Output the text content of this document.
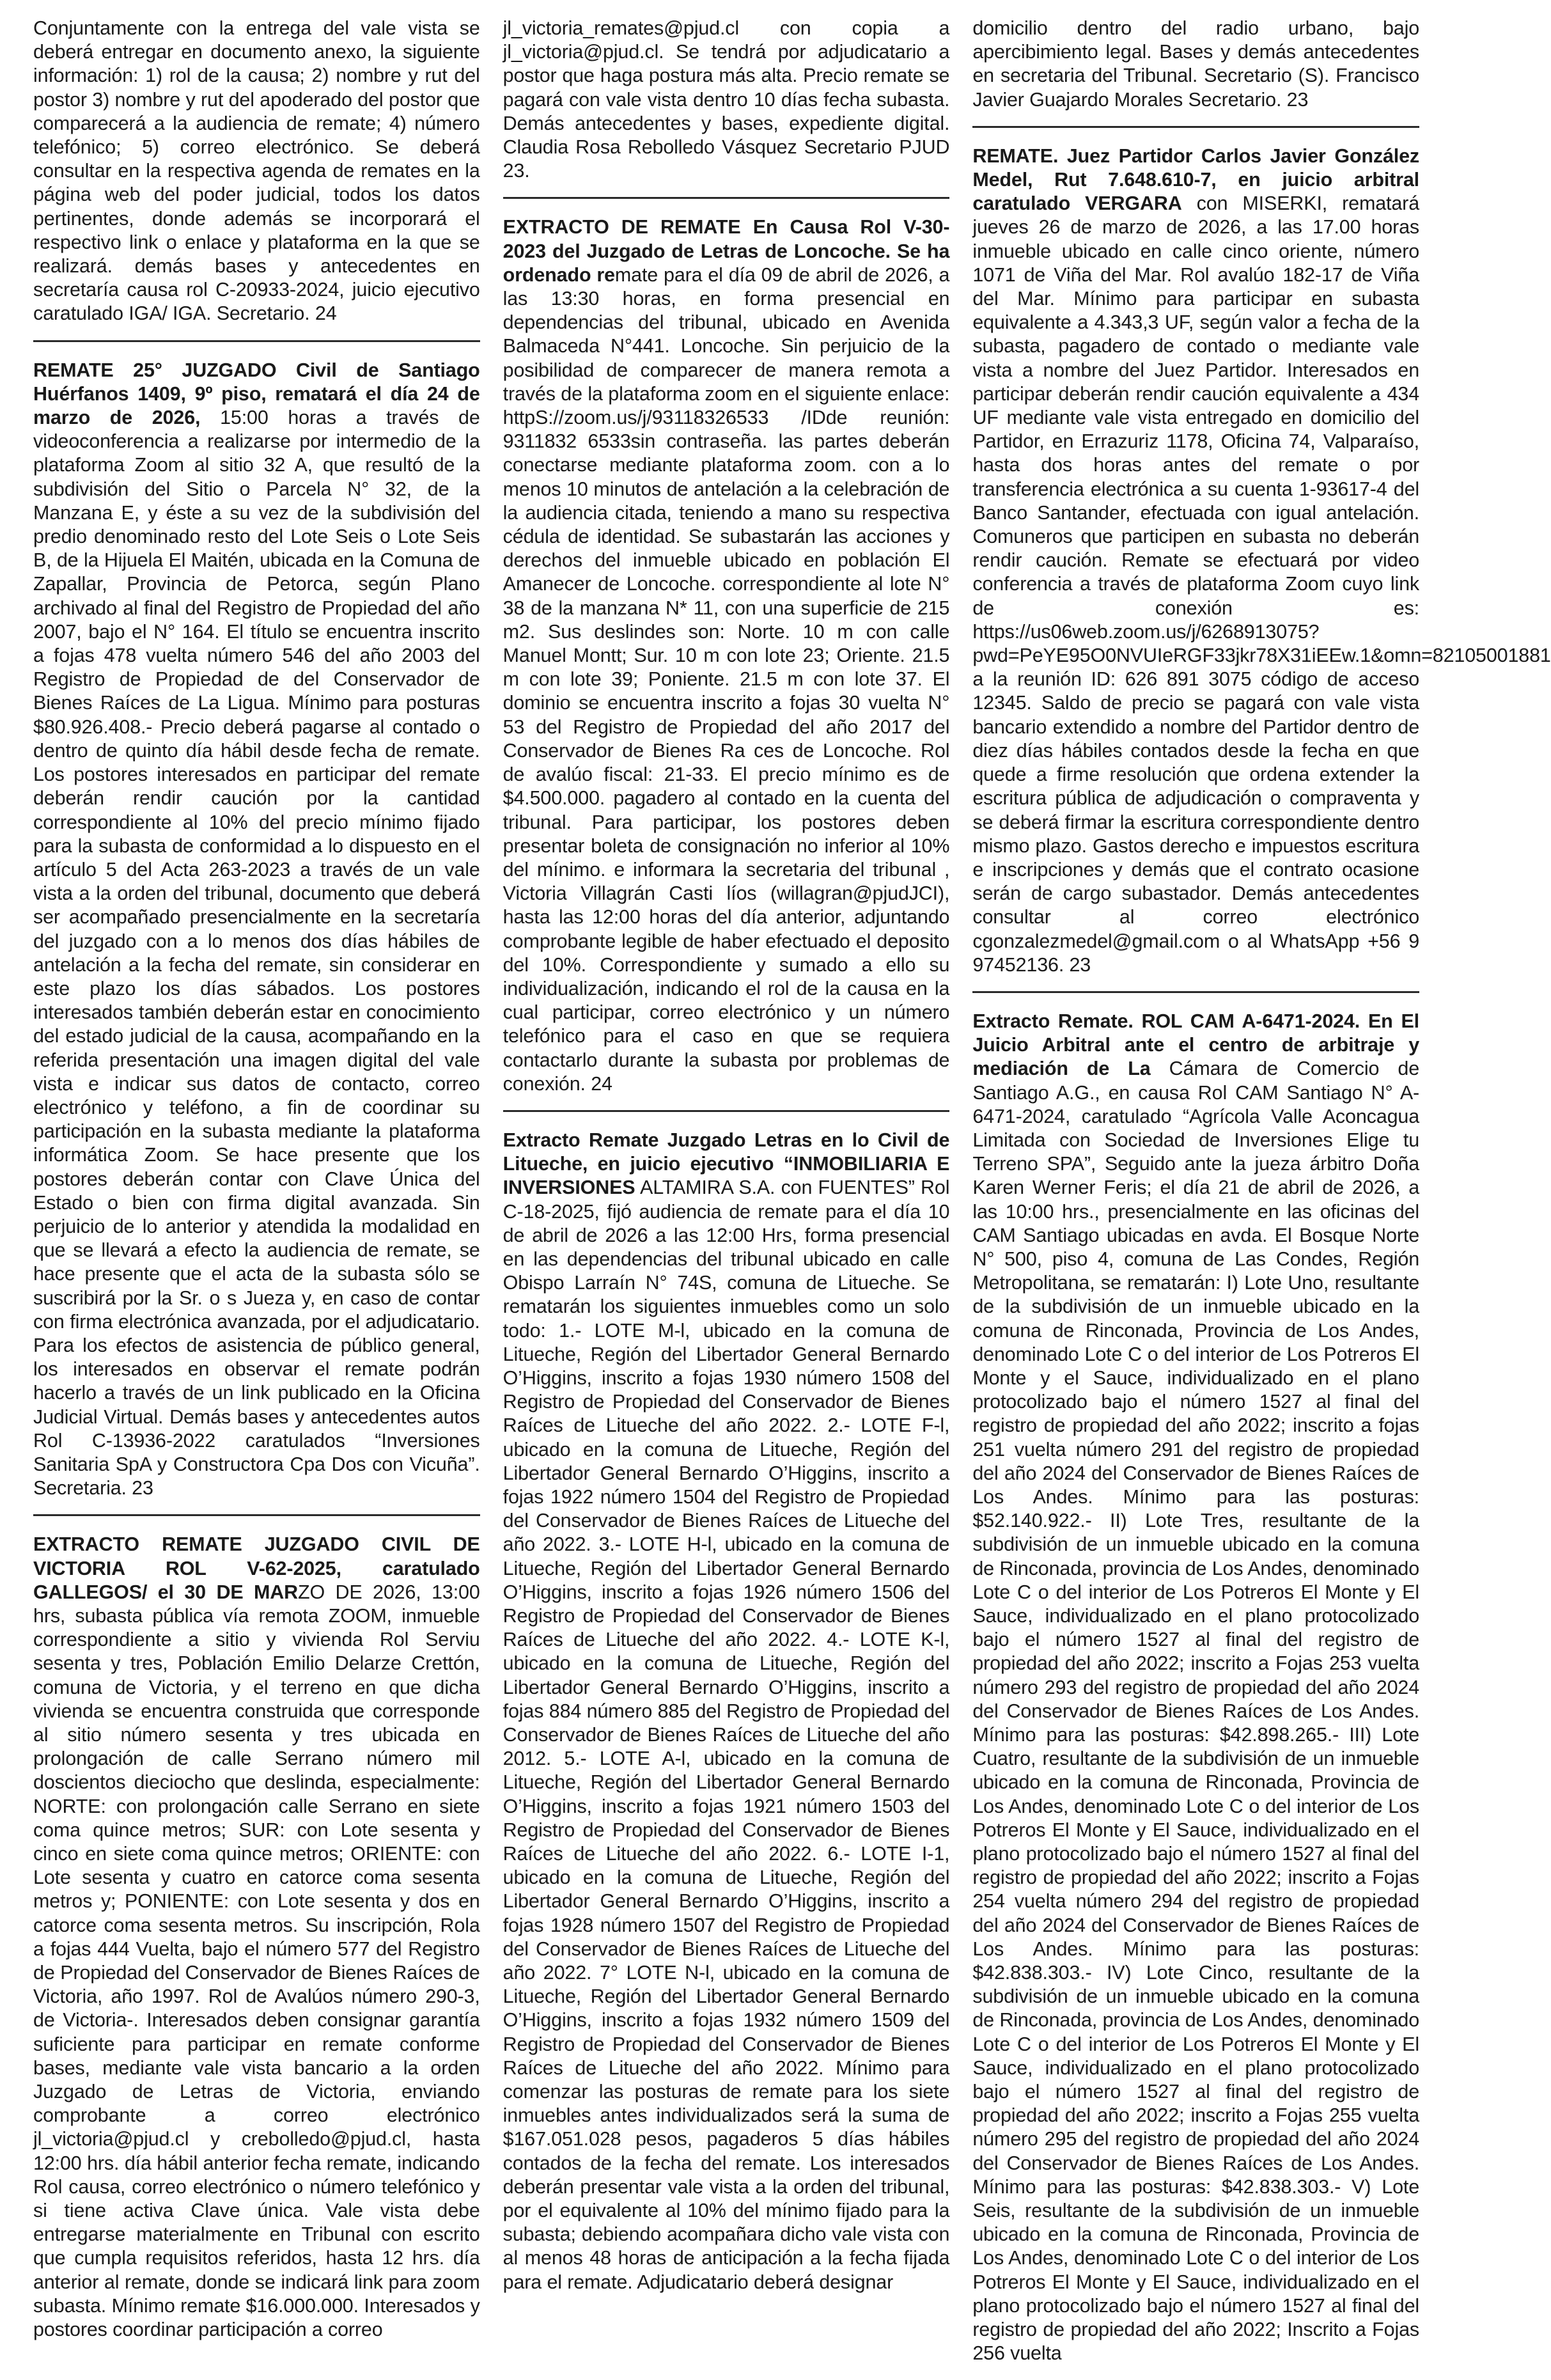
Conjuntamente con la entrega del vale vista se deberá entregar en documento anexo, la siguiente información: 1) rol de la causa; 2) nombre y rut del postor 3) nombre y rut del apoderado del postor que comparecerá a la audiencia de remate; 4) número telefónico; 5) correo electrónico. Se deberá consultar en la respectiva agenda de remates en la página web del poder judicial, todos los datos pertinentes, donde además se incorporará el respectivo link o enlace y plataforma en la que se realizará. demás bases y antecedentes en secretaría causa rol C-20933-2024, juicio ejecutivo caratulado IGA/ IGA. Secretario. 24
REMATE 25° JUZGADO Civil de Santiago Huérfanos 1409, 9º piso, rematará el día 24 de marzo de 2026, 15:00 horas a través de videoconferencia a realizarse por intermedio de la plataforma Zoom al sitio 32 A, que resultó de la subdivisión del Sitio o Parcela N° 32, de la Manzana E, y éste a su vez de la subdivisión del predio denominado resto del Lote Seis o Lote Seis B, de la Hijuela El Maitén, ubicada en la Comuna de Zapallar, Provincia de Petorca, según Plano archivado al final del Registro de Propiedad del año 2007, bajo el N° 164. El título se encuentra inscrito a fojas 478 vuelta número 546 del año 2003 del Registro de Propiedad de del Conservador de Bienes Raíces de La Ligua. Mínimo para posturas $80.926.408.- Precio deberá pagarse al contado o dentro de quinto día hábil desde fecha de remate. Los postores interesados en participar del remate deberán rendir caución por la cantidad correspondiente al 10% del precio mínimo fijado para la subasta de conformidad a lo dispuesto en el artículo 5 del Acta 263-2023 a través de un vale vista a la orden del tribunal, documento que deberá ser acompañado presencialmente en la secretaría del juzgado con a lo menos dos días hábiles de antelación a la fecha del remate, sin considerar en este plazo los días sábados. Los postores interesados también deberán estar en conocimiento del estado judicial de la causa, acompañando en la referida presentación una imagen digital del vale vista e indicar sus datos de contacto, correo electrónico y teléfono, a fin de coordinar su participación en la subasta mediante la plataforma informática Zoom. Se hace presente que los postores deberán contar con Clave Única del Estado o bien con firma digital avanzada. Sin perjuicio de lo anterior y atendida la modalidad en que se llevará a efecto la audiencia de remate, se hace presente que el acta de la subasta sólo se suscribirá por la Sr. o s Jueza y, en caso de contar con firma electrónica avanzada, por el adjudicatario. Para los efectos de asistencia de público general, los interesados en observar el remate podrán hacerlo a través de un link publicado en la Oficina Judicial Virtual. Demás bases y antecedentes autos Rol C-13936-2022 caratulados “Inversiones Sanitaria SpA y Constructora Cpa Dos con Vicuña”. Secretaria. 23
EXTRACTO REMATE JUZGADO CIVIL DE VICTORIA ROL V-62-2025, caratulado GALLEGOS/ el 30 DE MARZO DE 2026, 13:00 hrs, subasta pública vía remota ZOOM, inmueble correspondiente a sitio y vivienda Rol Serviu sesenta y tres, Población Emilio Delarze Crettón, comuna de Victoria, y el terreno en que dicha vivienda se encuentra construida que corresponde al sitio número sesenta y tres ubicada en prolongación de calle Serrano número mil doscientos dieciocho que deslinda, especialmente: NORTE: con prolongación calle Serrano en siete coma quince metros; SUR: con Lote sesenta y cinco en siete coma quince metros; ORIENTE: con Lote sesenta y cuatro en catorce coma sesenta metros y; PONIENTE: con Lote sesenta y dos en catorce coma sesenta metros. Su inscripción, Rola a fojas 444 Vuelta, bajo el número 577 del Registro de Propiedad del Conservador de Bienes Raíces de Victoria, año 1997. Rol de Avalúos número 290-3, de Victoria-. Interesados deben consignar garantía suficiente para participar en remate conforme bases, mediante vale vista bancario a la orden Juzgado de Letras de Victoria, enviando comprobante a correo electrónico jl_victoria@pjud.cl y crebolledo@pjud.cl, hasta 12:00 hrs. día hábil anterior fecha remate, indicando Rol causa, correo electrónico o número telefónico y si tiene activa Clave única. Vale vista debe entregarse materialmente en Tribunal con escrito que cumpla requisitos referidos, hasta 12 hrs. día anterior al remate, donde se indicará link para zoom subasta. Mínimo remate $16.000.000. Interesados y postores coordinar participación a correo
jl_victoria_remates@pjud.cl con copia a jl_victoria@pjud.cl. Se tendrá por adjudicatario a postor que haga postura más alta. Precio remate se pagará con vale vista dentro 10 días fecha subasta. Demás antecedentes y bases, expediente digital. Claudia Rosa Rebolledo Vásquez Secretario PJUD 23.
EXTRACTO DE REMATE En Causa Rol V-30-2023 del Juzgado de Letras de Loncoche. Se ha ordenado remate para el día 09 de abril de 2026, a las 13:30 horas, en forma presencial en dependencias del tribunal, ubicado en Avenida Balmaceda N°441. Loncoche. Sin perjuicio de la posibilidad de comparecer de manera remota a través de la plataforma zoom en el siguiente enlace: httpS://zoom.us/j/93118326533 /IDde reunión: 9311832 6533sin contraseña. las partes deberán conectarse mediante plataforma zoom. con a lo menos 10 minutos de antelación a la celebración de la audiencia citada, teniendo a mano su respectiva cédula de identidad. Se subastarán las acciones y derechos del inmueble ubicado en población El Amanecer de Loncoche. correspondiente al lote N° 38 de la manzana N* 11, con una superficie de 215 m2. Sus deslindes son: Norte. 10 m con calle Manuel Montt; Sur. 10 m con lote 23; Oriente. 21.5 m con lote 39; Poniente. 21.5 m con lote 37. El dominio se encuentra inscrito a fojas 30 vuelta N° 53 del Registro de Propiedad del año 2017 del Conservador de Bienes Ra ces de Loncoche. Rol de avalúo fiscal: 21-33. El precio mínimo es de $4.500.000. pagadero al contado en la cuenta del tribunal. Para participar, los postores deben presentar boleta de consignación no inferior al 10% del mínimo. e informara la secretaria del tribunal , Victoria Villagrán Casti líos (willagran@pjudJCI), hasta las 12:00 horas del día anterior, adjuntando comprobante legible de haber efectuado el deposito del 10%. Correspondiente y sumado a ello su individualización, indicando el rol de la causa en la cual participar, correo electrónico y un número telefónico para el caso en que se requiera contactarlo durante la subasta por problemas de conexión. 24
Extracto Remate Juzgado Letras en lo Civil de Litueche, en juicio ejecutivo “INMOBILIARIA E INVERSIONES ALTAMIRA S.A. con FUENTES” Rol C-18-2025, fijó audiencia de remate para el día 10 de abril de 2026 a las 12:00 Hrs, forma presencial en las dependencias del tribunal ubicado en calle Obispo Larraín N° 74S, comuna de Litueche. Se rematarán los siguientes inmuebles como un solo todo: 1.- LOTE M-l, ubicado en la comuna de Litueche, Región del Libertador General Bernardo O’Higgins, inscrito a fojas 1930 número 1508 del Registro de Propiedad del Conservador de Bienes Raíces de Litueche del año 2022. 2.- LOTE F-l, ubicado en la comuna de Litueche, Región del Libertador General Bernardo O’Higgins, inscrito a fojas 1922 número 1504 del Registro de Propiedad del Conservador de Bienes Raíces de Litueche del año 2022. 3.- LOTE H-l, ubicado en la comuna de Litueche, Región del Libertador General Bernardo O’Higgins, inscrito a fojas 1926 número 1506 del Registro de Propiedad del Conservador de Bienes Raíces de Litueche del año 2022. 4.- LOTE K-l, ubicado en la comuna de Litueche, Región del Libertador General Bernardo O’Higgins, inscrito a fojas 884 número 885 del Registro de Propiedad del Conservador de Bienes Raíces de Litueche del año 2012. 5.- LOTE A-l, ubicado en la comuna de Litueche, Región del Libertador General Bernardo O’Higgins, inscrito a fojas 1921 número 1503 del Registro de Propiedad del Conservador de Bienes Raíces de Litueche del año 2022. 6.- LOTE I-1, ubicado en la comuna de Litueche, Región del Libertador General Bernardo O’Higgins, inscrito a fojas 1928 número 1507 del Registro de Propiedad del Conservador de Bienes Raíces de Litueche del año 2022. 7° LOTE N-l, ubicado en la comuna de Litueche, Región del Libertador General Bernardo O’Higgins, inscrito a fojas 1932 número 1509 del Registro de Propiedad del Conservador de Bienes Raíces de Litueche del año 2022. Mínimo para comenzar las posturas de remate para los siete inmuebles antes individualizados será la suma de $167.051.028 pesos, pagaderos 5 días hábiles contados de la fecha del remate. Los interesados deberán presentar vale vista a la orden del tribunal, por el equivalente al 10% del mínimo fijado para la subasta; debiendo acompañara dicho vale vista con al menos 48 horas de anticipación a la fecha fijada para el remate. Adjudicatario deberá designar
domicilio dentro del radio urbano, bajo apercibimiento legal. Bases y demás antecedentes en secretaria del Tribunal. Secretario (S). Francisco Javier Guajardo Morales Secretario. 23
REMATE. Juez Partidor Carlos Javier González Medel, Rut 7.648.610-7, en juicio arbitral caratulado VERGARA con MISERKI, rematará jueves 26 de marzo de 2026, a las 17.00 horas inmueble ubicado en calle cinco oriente, número 1071 de Viña del Mar. Rol avalúo 182-17 de Viña del Mar. Mínimo para participar en subasta equivalente a 4.343,3 UF, según valor a fecha de la subasta, pagadero de contado o mediante vale vista a nombre del Juez Partidor. Interesados en participar deberán rendir caución equivalente a 434 UF mediante vale vista entregado en domicilio del Partidor, en Errazuriz 1178, Oficina 74, Valparaíso, hasta dos horas antes del remate o por transferencia electrónica a su cuenta 1-93617-4 del Banco Santander, efectuada con igual antelación. Comuneros que participen en subasta no deberán rendir caución. Remate se efectuará por video conferencia a través de plataforma Zoom cuyo link de conexión es: https://us06web.zoom.us/j/6268913075?pwd=PeYE95O0NVUIeRGF33jkr78X31iEEw.1&omn=82105001881 a la reunión ID: 626 891 3075 código de acceso 12345. Saldo de precio se pagará con vale vista bancario extendido a nombre del Partidor dentro de diez días hábiles contados desde la fecha en que quede a firme resolución que ordena extender la escritura pública de adjudicación o compraventa y se deberá firmar la escritura correspondiente dentro mismo plazo. Gastos derecho e impuestos escritura e inscripciones y demás que el contrato ocasione serán de cargo subastador. Demás antecedentes consultar al correo electrónico cgonzalezmedel@gmail.com o al WhatsApp +56 9 97452136. 23
Extracto Remate. ROL CAM A-6471-2024. En El Juicio Arbitral ante el centro de arbitraje y mediación de La Cámara de Comercio de Santiago A.G., en causa Rol CAM Santiago N° A-6471-2024, caratulado “Agrícola Valle Aconcagua Limitada con Sociedad de Inversiones Elige tu Terreno SPA”, Seguido ante la jueza árbitro Doña Karen Werner Feris; el día 21 de abril de 2026, a las 10:00 hrs., presencialmente en las oficinas del CAM Santiago ubicadas en avda. El Bosque Norte N° 500, piso 4, comuna de Las Condes, Región Metropolitana, se rematarán: I) Lote Uno, resultante de la subdivisión de un inmueble ubicado en la comuna de Rinconada, Provincia de Los Andes, denominado Lote C o del interior de Los Potreros El Monte y el Sauce, individualizado en el plano protocolizado bajo el número 1527 al final del registro de propiedad del año 2022; inscrito a fojas 251 vuelta número 291 del registro de propiedad del año 2024 del Conservador de Bienes Raíces de Los Andes. Mínimo para las posturas: $52.140.922.- II) Lote Tres, resultante de la subdivisión de un inmueble ubicado en la comuna de Rinconada, provincia de Los Andes, denominado Lote C o del interior de Los Potreros El Monte y El Sauce, individualizado en el plano protocolizado bajo el número 1527 al final del registro de propiedad del año 2022; inscrito a Fojas 253 vuelta número 293 del registro de propiedad del año 2024 del Conservador de Bienes Raíces de Los Andes. Mínimo para las posturas: $42.898.265.- III) Lote Cuatro, resultante de la subdivisión de un inmueble ubicado en la comuna de Rinconada, Provincia de Los Andes, denominado Lote C o del interior de Los Potreros El Monte y El Sauce, individualizado en el plano protocolizado bajo el número 1527 al final del registro de propiedad del año 2022; inscrito a Fojas 254 vuelta número 294 del registro de propiedad del año 2024 del Conservador de Bienes Raíces de Los Andes. Mínimo para las posturas: $42.838.303.- IV) Lote Cinco, resultante de la subdivisión de un inmueble ubicado en la comuna de Rinconada, provincia de Los Andes, denominado Lote C o del interior de Los Potreros El Monte y El Sauce, individualizado en el plano protocolizado bajo el número 1527 al final del registro de propiedad del año 2022; inscrito a Fojas 255 vuelta número 295 del registro de propiedad del año 2024 del Conservador de Bienes Raíces de Los Andes. Mínimo para las posturas: $42.838.303.- V) Lote Seis, resultante de la subdivisión de un inmueble ubicado en la comuna de Rinconada, Provincia de Los Andes, denominado Lote C o del interior de Los Potreros El Monte y El Sauce, individualizado en el plano protocolizado bajo el número 1527 al final del registro de propiedad del año 2022; Inscrito a Fojas 256 vuelta
